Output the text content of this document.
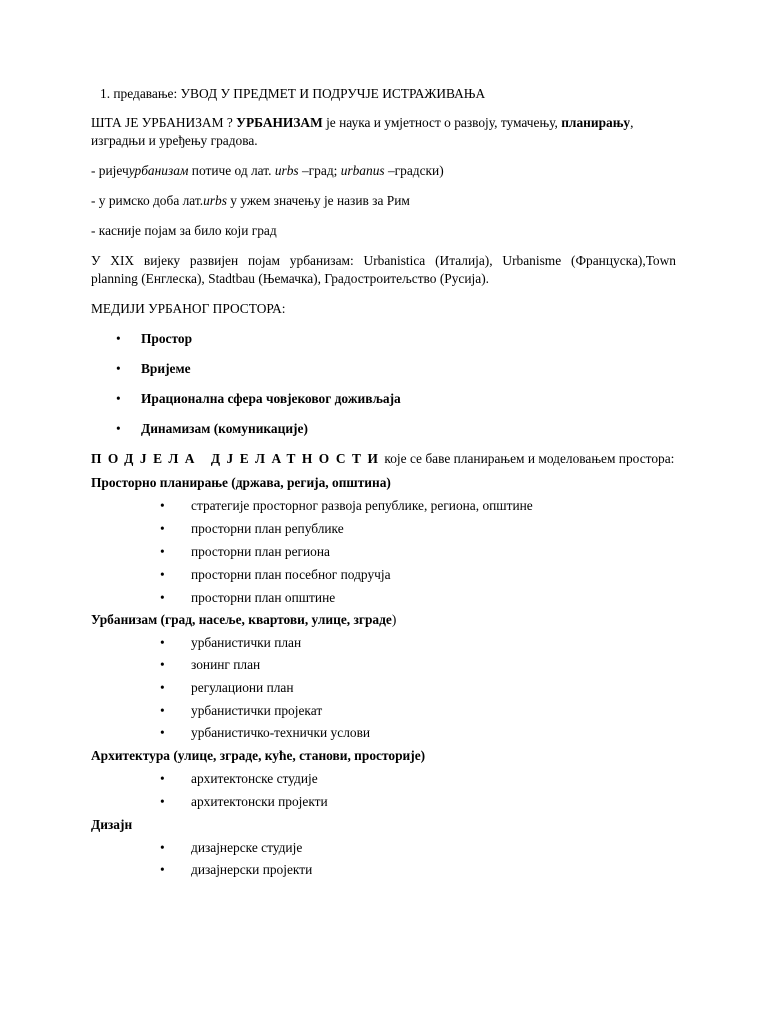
1. предавање: УВОД У ПРЕДМЕТ И ПОДРУЧЈЕ ИСТРАЖИВАЊА
ШТА ЈЕ УРБАНИЗАМ ? УРБАНИЗАМ је наука и умјетност о развоју, тумачењу, планирању,
изградњи и уређењу градова.
- ријечурбанизам потиче од лат. urbs –град; urbanus –градски)
- у римско доба лат.urbs у ужем значењу је назив за Рим
- касније појам за било који град
У XIX вијеку развијен појам урбанизам: Urbanistica (Италија), Urbanisme (Француска),Town
planning (Енглеска), Stadtbau (Њемачка), Градостроитељство (Русија).
МЕДИЈИ УРБАНОГ ПРОСТОРА:
•	Простор
•	Вријеме
•	Ирационална сфера човјековог доживљаја
•	Динамизам (комуникације)
ПОДЈЕЛА ДЈЕЛАТНОСТИкоје се баве планирањем и моделовањем простора:
Просторно планирање (држава, регија, општина)
•	стратегије просторног развоја републике, региона, општине
•	просторни план републике
•	просторни план региона
•	просторни план посебног подручја
•	просторни план општине
Урбанизам (град, насеље, квартови, улице, зграде)
•	урбанистички план
•	зонинг план
•	регулациони план
•	урбанистички пројекат
•	урбанистичко-технички услови
Архитектура (улице, зграде, куће, станови, просторије)
•	архитектонске студије
•	архитектонски пројекти
Дизајн
•	дизајнерске студије
•	дизајнерски пројекти
